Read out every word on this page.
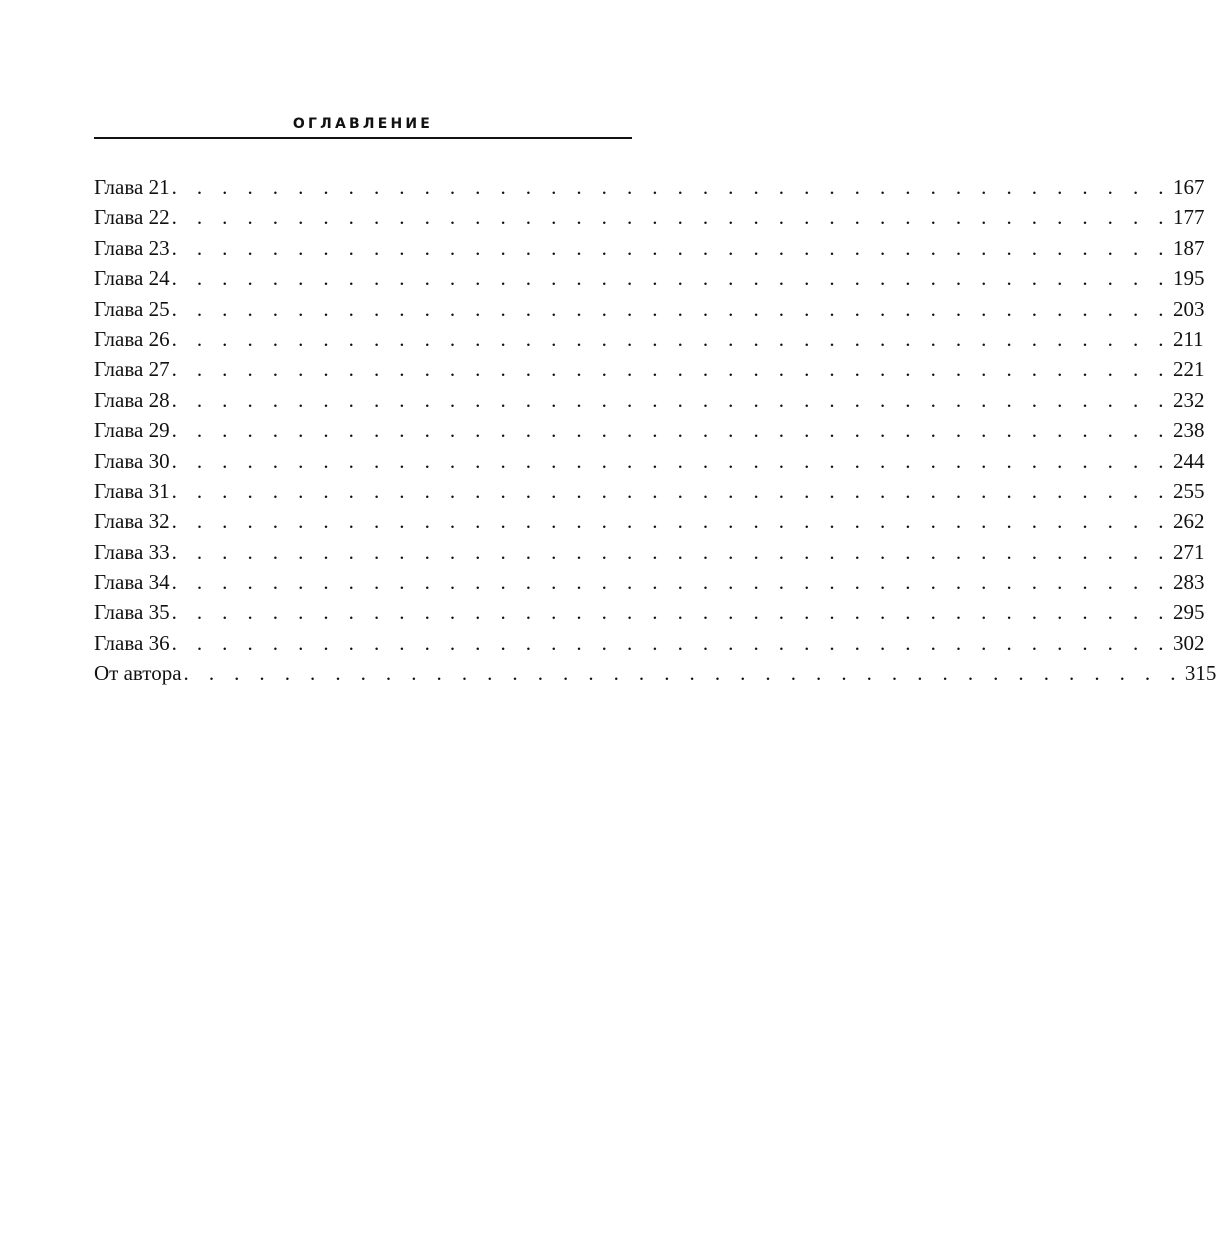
ОГЛАВЛЕНИЕ
Глава 21 . . . . . . . . . . . . . . . . . . . . . . . . . . . . . . . . . . . . . . . . 167
Глава 22 . . . . . . . . . . . . . . . . . . . . . . . . . . . . . . . . . . . . . . . . 177
Глава 23 . . . . . . . . . . . . . . . . . . . . . . . . . . . . . . . . . . . . . . . . 187
Глава 24 . . . . . . . . . . . . . . . . . . . . . . . . . . . . . . . . . . . . . . . . 195
Глава 25 . . . . . . . . . . . . . . . . . . . . . . . . . . . . . . . . . . . . . . . . 203
Глава 26 . . . . . . . . . . . . . . . . . . . . . . . . . . . . . . . . . . . . . . . . 211
Глава 27 . . . . . . . . . . . . . . . . . . . . . . . . . . . . . . . . . . . . . . . . 221
Глава 28 . . . . . . . . . . . . . . . . . . . . . . . . . . . . . . . . . . . . . . . . 232
Глава 29 . . . . . . . . . . . . . . . . . . . . . . . . . . . . . . . . . . . . . . . . 238
Глава 30 . . . . . . . . . . . . . . . . . . . . . . . . . . . . . . . . . . . . . . . . 244
Глава 31 . . . . . . . . . . . . . . . . . . . . . . . . . . . . . . . . . . . . . . . . 255
Глава 32 . . . . . . . . . . . . . . . . . . . . . . . . . . . . . . . . . . . . . . . . 262
Глава 33 . . . . . . . . . . . . . . . . . . . . . . . . . . . . . . . . . . . . . . . . 271
Глава 34 . . . . . . . . . . . . . . . . . . . . . . . . . . . . . . . . . . . . . . . . 283
Глава 35 . . . . . . . . . . . . . . . . . . . . . . . . . . . . . . . . . . . . . . . . 295
Глава 36 . . . . . . . . . . . . . . . . . . . . . . . . . . . . . . . . . . . . . . . . 302
От автора . . . . . . . . . . . . . . . . . . . . . . . . . . . . . . . . . . . . . . . . 315
